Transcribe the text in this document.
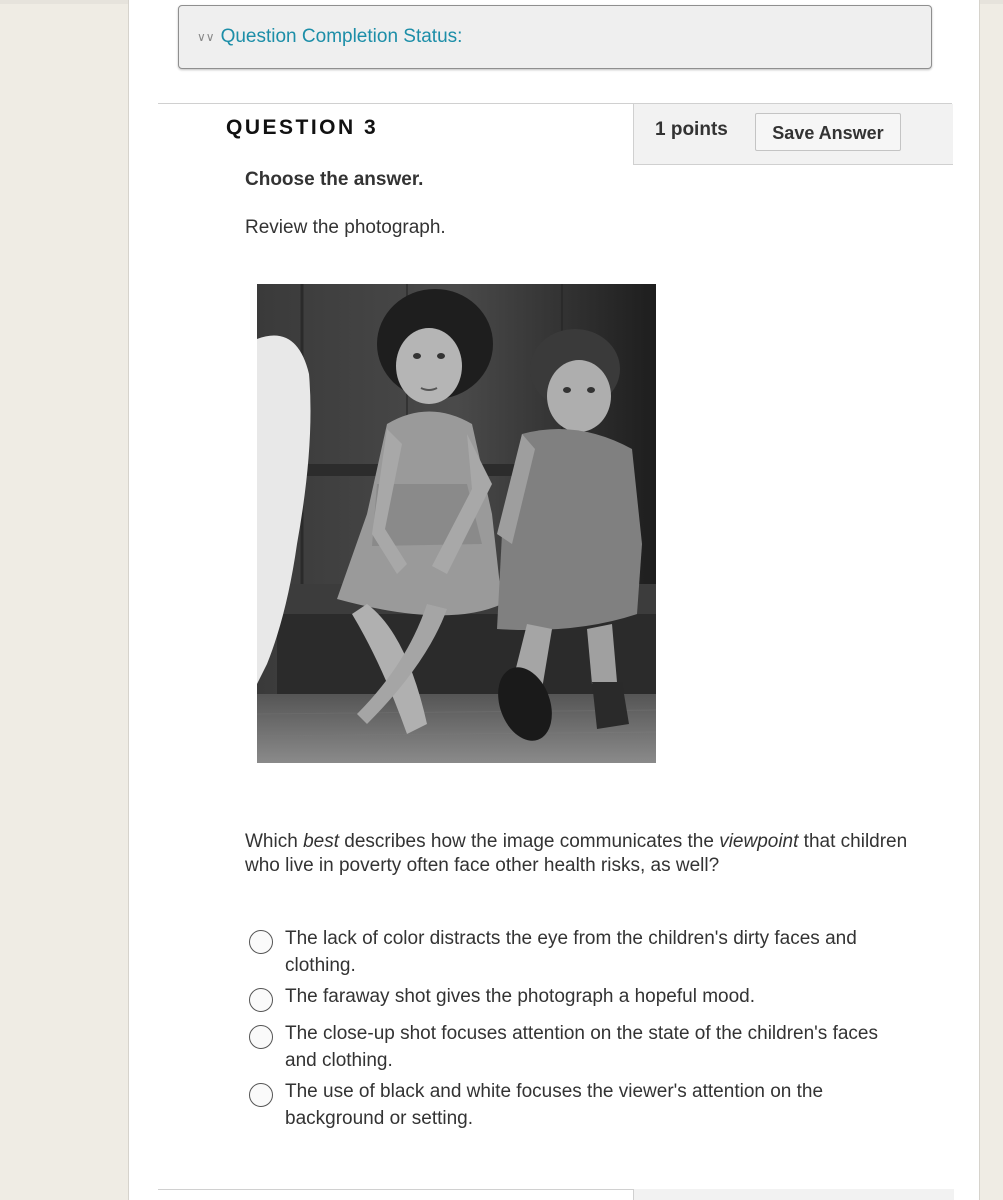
∨∨ Question Completion Status:
QUESTION 3	1 points	Save Answer
Choose the answer.
Review the photograph.
Which best describes how the image communicates the viewpoint that children who live in poverty often face other health risks, as well?
The lack of color distracts the eye from the children's dirty faces and clothing.
The faraway shot gives the photograph a hopeful mood.
The close-up shot focuses attention on the state of the children's faces and clothing.
The use of black and white focuses the viewer's attention on the background or setting.
